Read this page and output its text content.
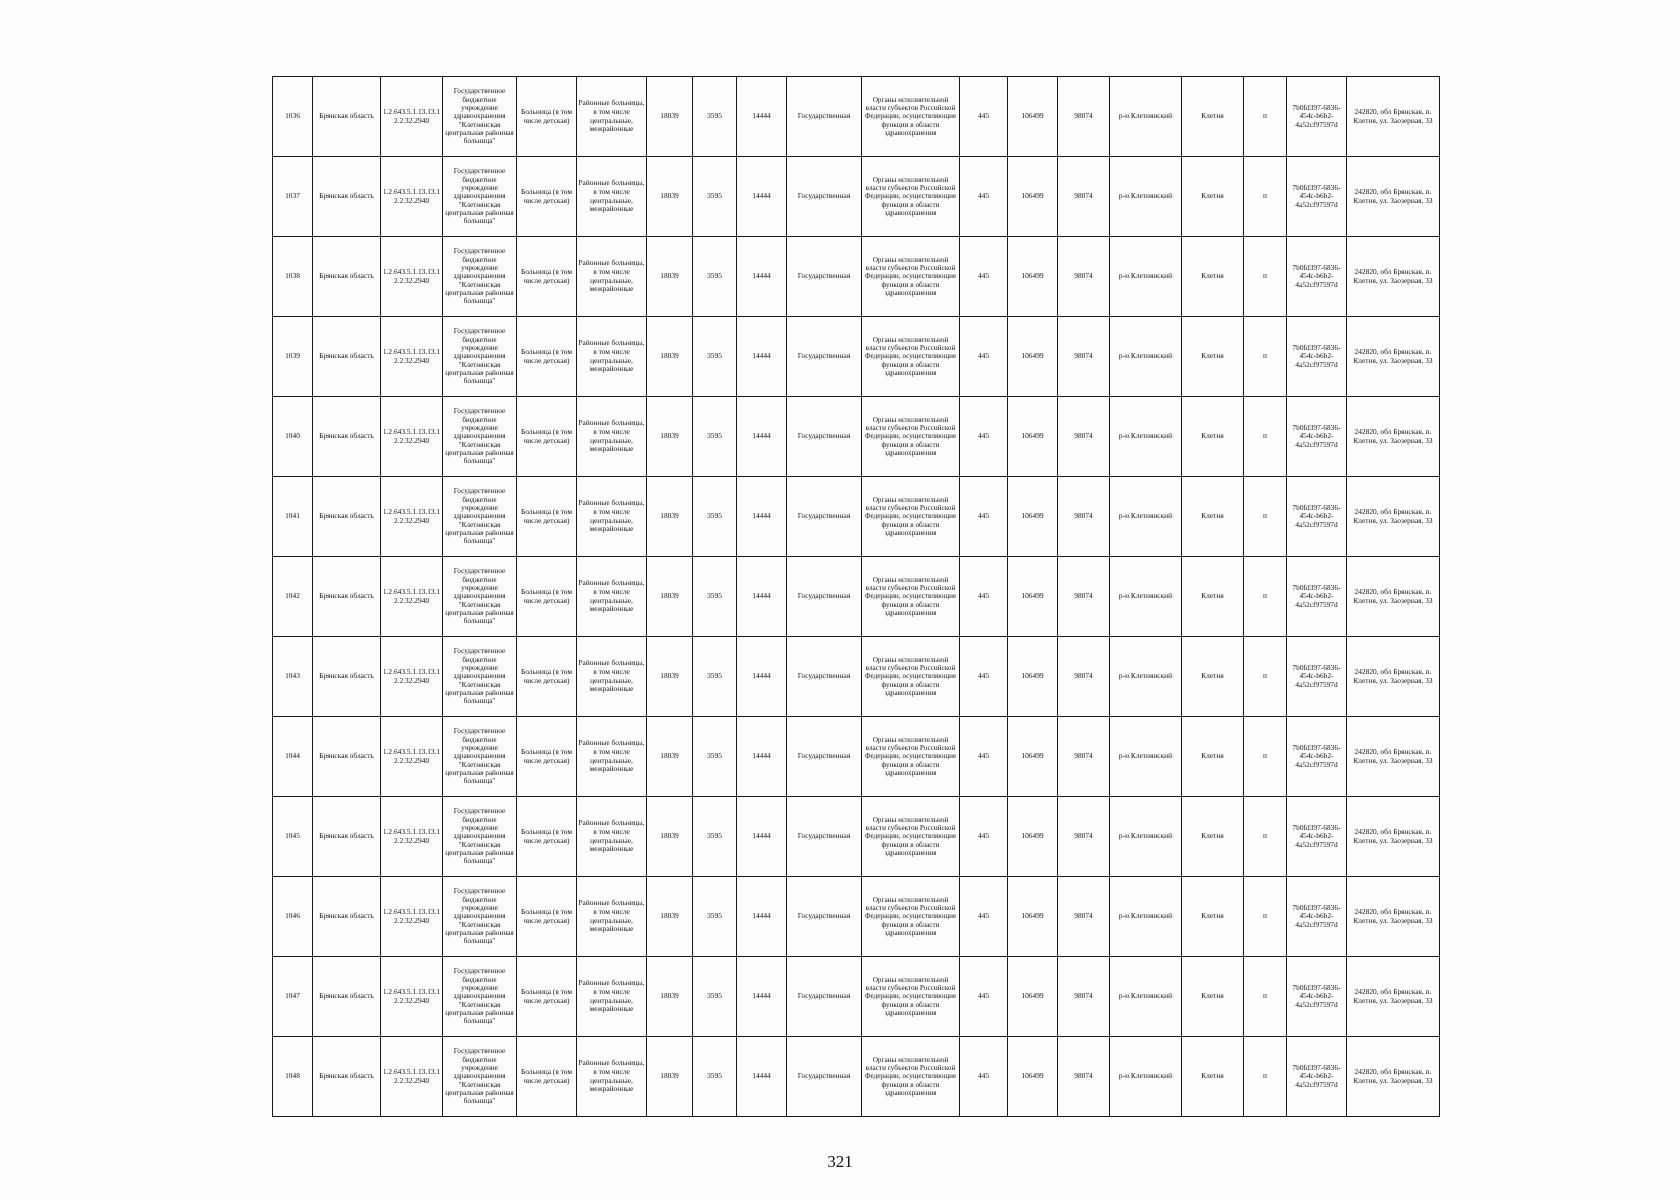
1036	Брянская область	1.2.643.5.1.13.13.12.2.32.2940	Государственное бюджетное учреждение здравоохранения "Клетнянская центральная районная больница"	Больница (в том числе детская)	Районные больницы, в том числе центральные, межрайонные	18039	3595	14444	Государственная	Органы исполнительной власти субъектов Российской Федерации, осуществляющие функции в области здравоохранения	445	106499	98074	р-н Клетнянский	Клетня	п	7b0fd397-6836-454c-b6b2-4a52cf97597d	242820, обл Брянская, п. Клетня, ул. Заозерная, 33
1037	Брянская область	1.2.643.5.1.13.13.12.2.32.2940	Государственное бюджетное учреждение здравоохранения "Клетнянская центральная районная больница"	Больница (в том числе детская)	Районные больницы, в том числе центральные, межрайонные	18039	3595	14444	Государственная	Органы исполнительной власти субъектов Российской Федерации, осуществляющие функции в области здравоохранения	445	106499	98074	р-н Клетнянский	Клетня	п	7b0fd397-6836-454c-b6b2-4a52cf97597d	242820, обл Брянская, п. Клетня, ул. Заозерная, 33
1038	Брянская область	1.2.643.5.1.13.13.12.2.32.2940	Государственное бюджетное учреждение здравоохранения "Клетнянская центральная районная больница"	Больница (в том числе детская)	Районные больницы, в том числе центральные, межрайонные	18039	3595	14444	Государственная	Органы исполнительной власти субъектов Российской Федерации, осуществляющие функции в области здравоохранения	445	106499	98074	р-н Клетнянский	Клетня	п	7b0fd397-6836-454c-b6b2-4a52cf97597d	242820, обл Брянская, п. Клетня, ул. Заозерная, 33
1039	Брянская область	1.2.643.5.1.13.13.12.2.32.2940	Государственное бюджетное учреждение здравоохранения "Клетнянская центральная районная больница"	Больница (в том числе детская)	Районные больницы, в том числе центральные, межрайонные	18039	3595	14444	Государственная	Органы исполнительной власти субъектов Российской Федерации, осуществляющие функции в области здравоохранения	445	106499	98074	р-н Клетнянский	Клетня	п	7b0fd397-6836-454c-b6b2-4a52cf97597d	242820, обл Брянская, п. Клетня, ул. Заозерная, 33
1040	Брянская область	1.2.643.5.1.13.13.12.2.32.2940	Государственное бюджетное учреждение здравоохранения "Клетнянская центральная районная больница"	Больница (в том числе детская)	Районные больницы, в том числе центральные, межрайонные	18039	3595	14444	Государственная	Органы исполнительной власти субъектов Российской Федерации, осуществляющие функции в области здравоохранения	445	106499	98074	р-н Клетнянский	Клетня	п	7b0fd397-6836-454c-b6b2-4a52cf97597d	242820, обл Брянская, п. Клетня, ул. Заозерная, 33
1041	Брянская область	1.2.643.5.1.13.13.12.2.32.2940	Государственное бюджетное учреждение здравоохранения "Клетнянская центральная районная больница"	Больница (в том числе детская)	Районные больницы, в том числе центральные, межрайонные	18039	3595	14444	Государственная	Органы исполнительной власти субъектов Российской Федерации, осуществляющие функции в области здравоохранения	445	106499	98074	р-н Клетнянский	Клетня	п	7b0fd397-6836-454c-b6b2-4a52cf97597d	242820, обл Брянская, п. Клетня, ул. Заозерная, 33
1042	Брянская область	1.2.643.5.1.13.13.12.2.32.2940	Государственное бюджетное учреждение здравоохранения "Клетнянская центральная районная больница"	Больница (в том числе детская)	Районные больницы, в том числе центральные, межрайонные	18039	3595	14444	Государственная	Органы исполнительной власти субъектов Российской Федерации, осуществляющие функции в области здравоохранения	445	106499	98074	р-н Клетнянский	Клетня	п	7b0fd397-6836-454c-b6b2-4a52cf97597d	242820, обл Брянская, п. Клетня, ул. Заозерная, 33
1043	Брянская область	1.2.643.5.1.13.13.12.2.32.2940	Государственное бюджетное учреждение здравоохранения "Клетнянская центральная районная больница"	Больница (в том числе детская)	Районные больницы, в том числе центральные, межрайонные	18039	3595	14444	Государственная	Органы исполнительной власти субъектов Российской Федерации, осуществляющие функции в области здравоохранения	445	106499	98074	р-н Клетнянский	Клетня	п	7b0fd397-6836-454c-b6b2-4a52cf97597d	242820, обл Брянская, п. Клетня, ул. Заозерная, 33
1044	Брянская область	1.2.643.5.1.13.13.12.2.32.2940	Государственное бюджетное учреждение здравоохранения "Клетнянская центральная районная больница"	Больница (в том числе детская)	Районные больницы, в том числе центральные, межрайонные	18039	3595	14444	Государственная	Органы исполнительной власти субъектов Российской Федерации, осуществляющие функции в области здравоохранения	445	106499	98074	р-н Клетнянский	Клетня	п	7b0fd397-6836-454c-b6b2-4a52cf97597d	242820, обл Брянская, п. Клетня, ул. Заозерная, 33
1045	Брянская область	1.2.643.5.1.13.13.12.2.32.2940	Государственное бюджетное учреждение здравоохранения "Клетнянская центральная районная больница"	Больница (в том числе детская)	Районные больницы, в том числе центральные, межрайонные	18039	3595	14444	Государственная	Органы исполнительной власти субъектов Российской Федерации, осуществляющие функции в области здравоохранения	445	106499	98074	р-н Клетнянский	Клетня	п	7b0fd397-6836-454c-b6b2-4a52cf97597d	242820, обл Брянская, п. Клетня, ул. Заозерная, 33
1046	Брянская область	1.2.643.5.1.13.13.12.2.32.2940	Государственное бюджетное учреждение здравоохранения "Клетнянская центральная районная больница"	Больница (в том числе детская)	Районные больницы, в том числе центральные, межрайонные	18039	3595	14444	Государственная	Органы исполнительной власти субъектов Российской Федерации, осуществляющие функции в области здравоохранения	445	106499	98074	р-н Клетнянский	Клетня	п	7b0fd397-6836-454c-b6b2-4a52cf97597d	242820, обл Брянская, п. Клетня, ул. Заозерная, 33
1047	Брянская область	1.2.643.5.1.13.13.12.2.32.2940	Государственное бюджетное учреждение здравоохранения "Клетнянская центральная районная больница"	Больница (в том числе детская)	Районные больницы, в том числе центральные, межрайонные	18039	3595	14444	Государственная	Органы исполнительной власти субъектов Российской Федерации, осуществляющие функции в области здравоохранения	445	106499	98074	р-н Клетнянский	Клетня	п	7b0fd397-6836-454c-b6b2-4a52cf97597d	242820, обл Брянская, п. Клетня, ул. Заозерная, 33
1048	Брянская область	1.2.643.5.1.13.13.12.2.32.2940	Государственное бюджетное учреждение здравоохранения "Клетнянская центральная районная больница"	Больница (в том числе детская)	Районные больницы, в том числе центральные, межрайонные	18039	3595	14444	Государственная	Органы исполнительной власти субъектов Российской Федерации, осуществляющие функции в области здравоохранения	445	106499	98074	р-н Клетнянский	Клетня	п	7b0fd397-6836-454c-b6b2-4a52cf97597d	242820, обл Брянская, п. Клетня, ул. Заозерная, 33
321
